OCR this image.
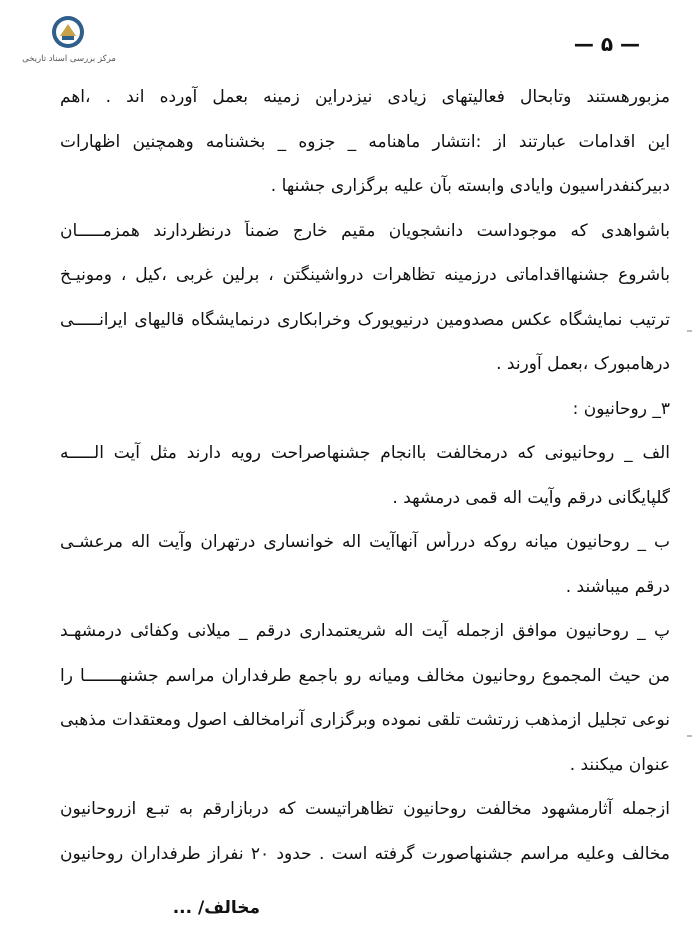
مرکز بررسی اسناد تاریخی
— ۵ —
مزبورهستند وتابحال فعالیتهای زیادی نیزدراین زمینه بعمل آورده اند . ،اهم
این اقدامات عبارتند از :انتشار ماهنامه _ جزوه _ بخشنامه وهمچنین اظهارات
دبیرکنفدراسیون وایادی وابسته بآن علیه برگزاری جشنها .
باشواهدی که موجوداست دانشجویان مقیم خارج ضمناً درنظردارند همزمـــــان
باشروع جشنهااقداماتی درزمینه تظاهرات درواشینگتن ، برلین غربی ،کیل ، ومونیـخ
ترتیب نمایشگاه عکس مصدومین درنیویورک وخرابکاری درنمایشگاه قالیهای ایرانـــــی
درهامبورک ،بعمل آورند .
۳_ روحانیون :
الف _ روحانیونی که درمخالفت باانجام جشنهاصراحت رویه دارند مثل آیت الـــــه
گلپایگانی درقم وآیت اله قمی درمشهد .
ب _ روحانیون میانه روکه دررأس آنهاآیت اله خوانساری درتهران وآیت اله مرعشـی
درقم میباشند .
پ _ روحانیون موافق ازجمله آیت اله شریعتمداری درقم _ میلانی وکفائی درمشهـد
من حیث المجموع روحانیون مخالف ومیانه رو باجمع طرفداران مراسم جشنهـــــــا را
نوعی تجلیل ازمذهب زرتشت تلقی نموده وبرگزاری آنرامخالف اصول ومعتقدات مذهبی
عنوان میکنند .
ازجمله آثارمشهود مخالفت روحانیون تظاهراتیست که دربازارقم به تبـع ازروحانیون
مخالف وعلیه مراسم جشنهاصورت گرفته است . حدود ۲۰ نفراز طرفداران روحانیون
مخالف/ ...
